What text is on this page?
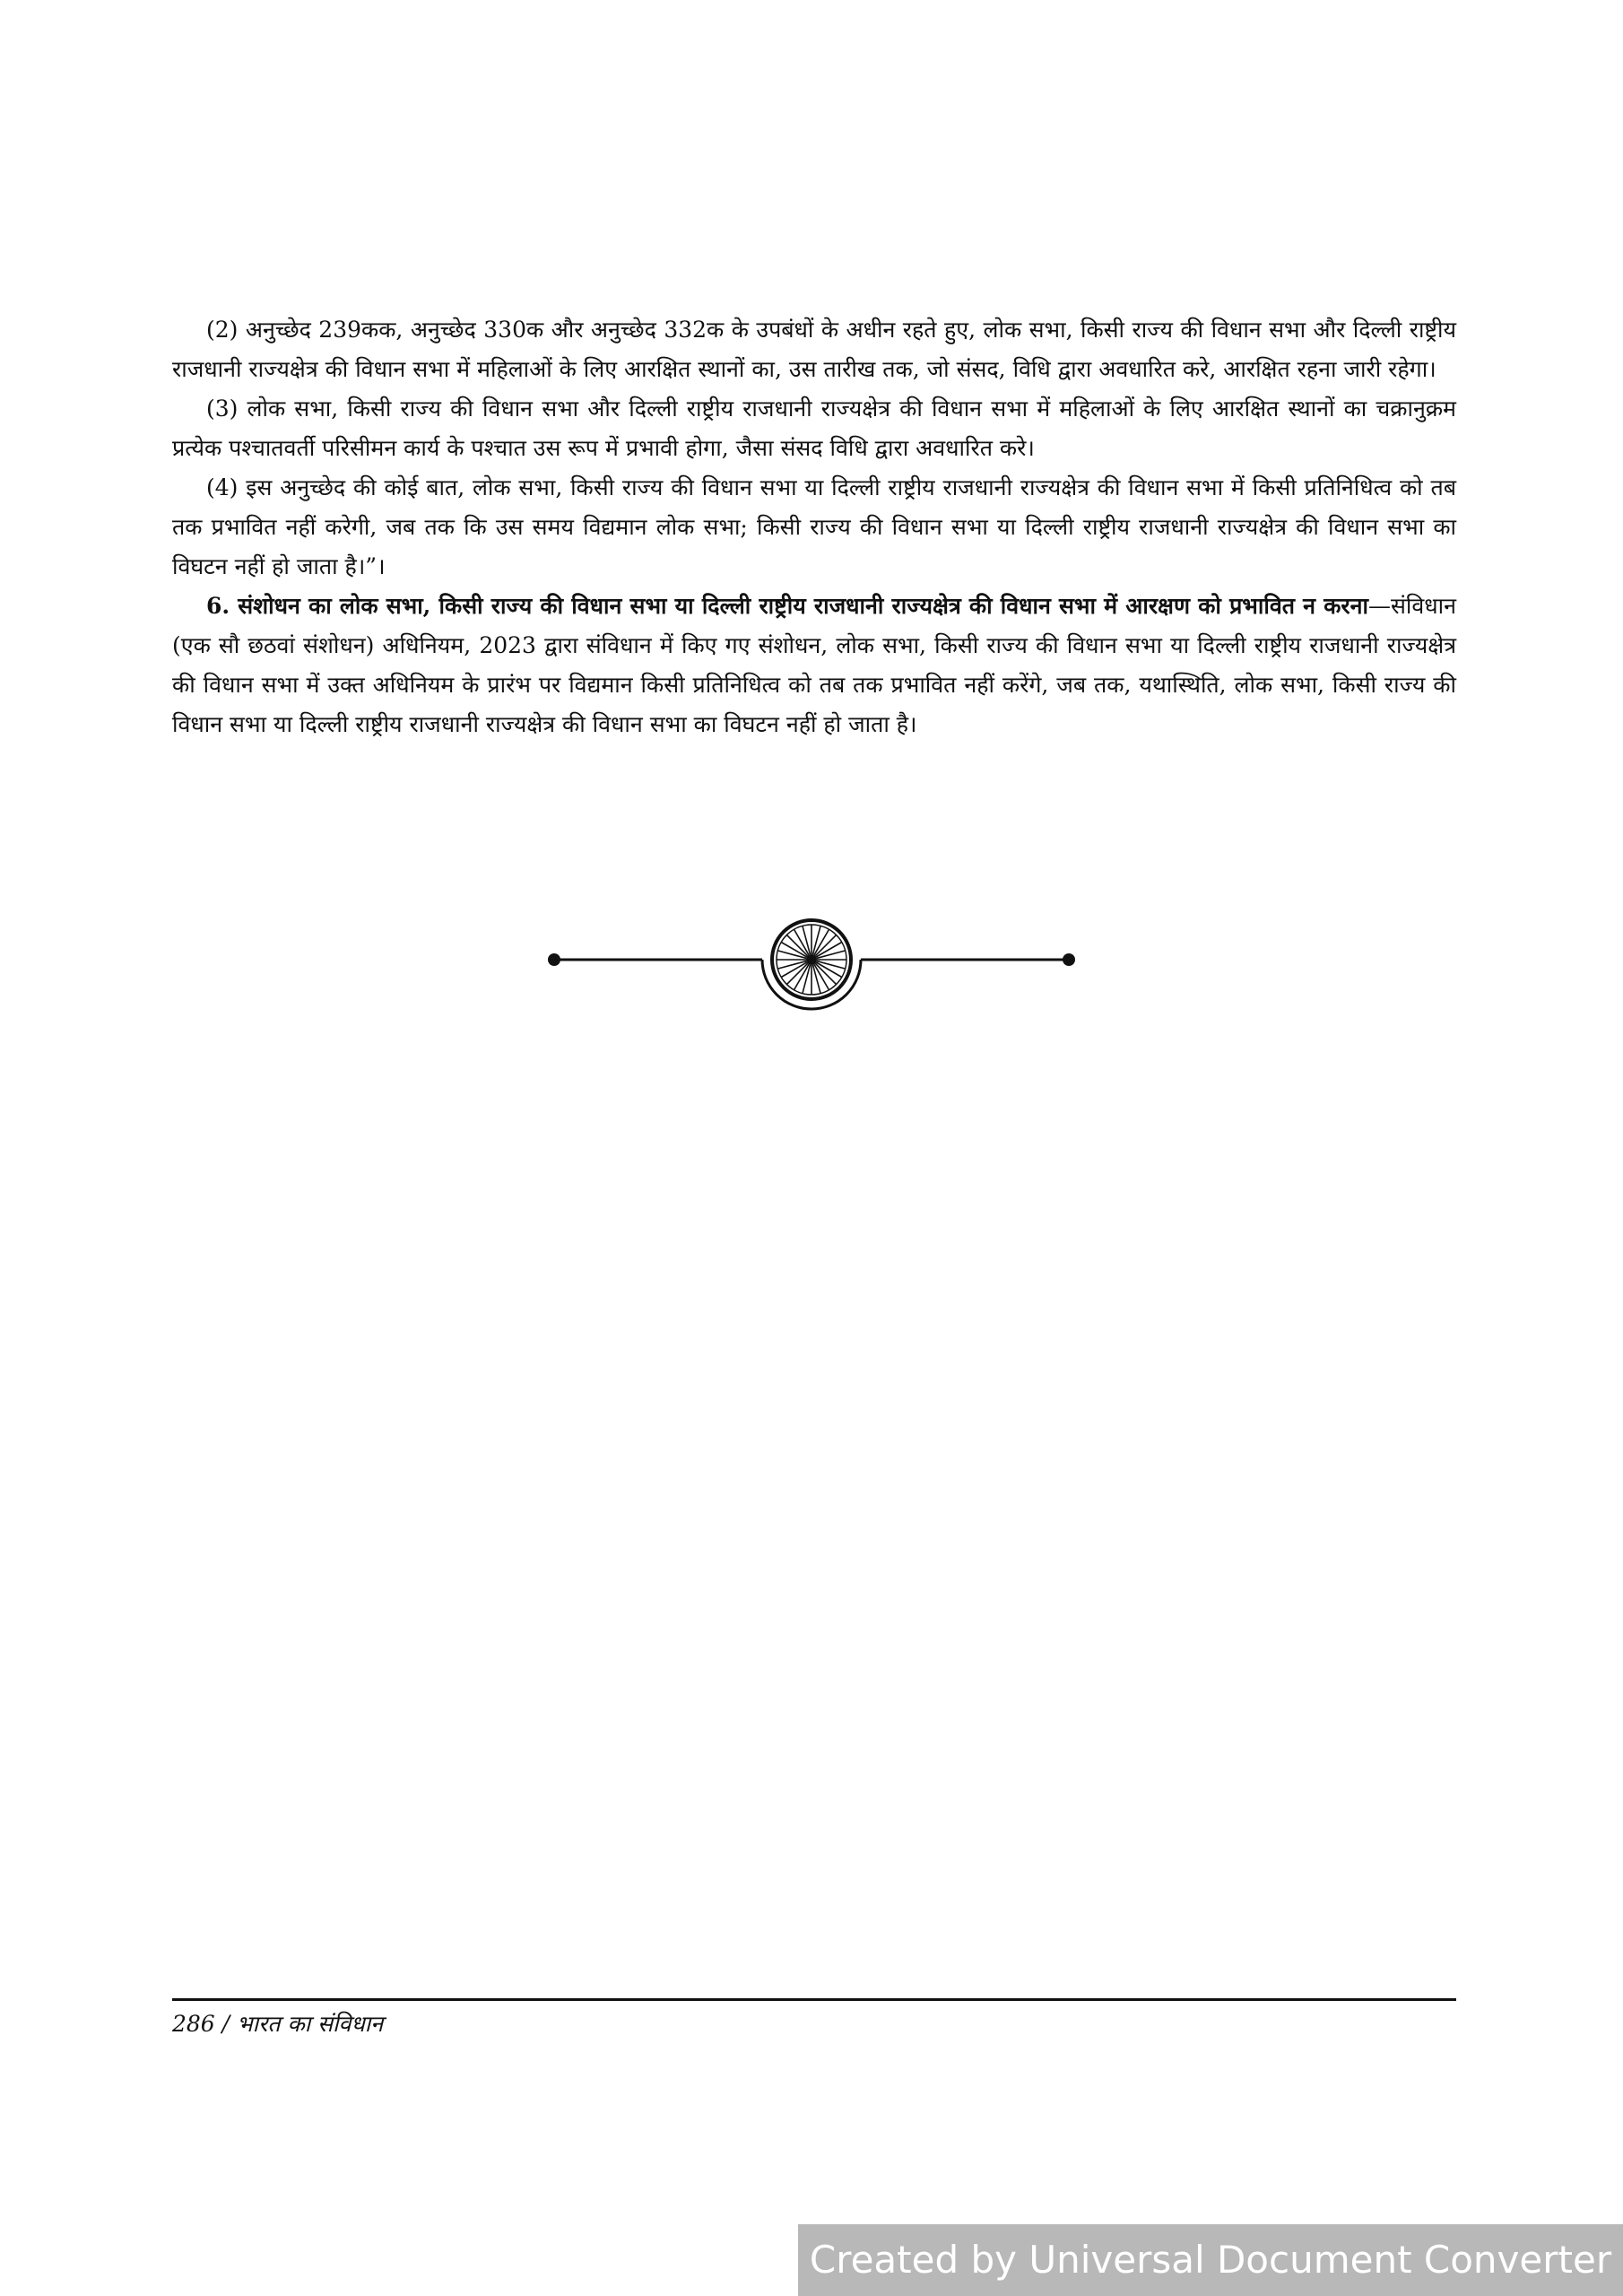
(2) अनुच्छेद 239कक, अनुच्छेद 330क और अनुच्छेद 332क के उपबंधों के अधीन रहते हुए, लोक सभा, किसी राज्य की विधान सभा और दिल्ली राष्ट्रीय राजधानी राज्यक्षेत्र की विधान सभा में महिलाओं के लिए आरक्षित स्थानों का, उस तारीख तक, जो संसद, विधि द्वारा अवधारित करे, आरक्षित रहना जारी रहेगा।

(3) लोक सभा, किसी राज्य की विधान सभा और दिल्ली राष्ट्रीय राजधानी राज्यक्षेत्र की विधान सभा में महिलाओं के लिए आरक्षित स्थानों का चक्रानुक्रम प्रत्येक पश्चातवर्ती परिसीमन कार्य के पश्चात उस रूप में प्रभावी होगा, जैसा संसद विधि द्वारा अवधारित करे।

(4) इस अनुच्छेद की कोई बात, लोक सभा, किसी राज्य की विधान सभा या दिल्ली राष्ट्रीय राजधानी राज्यक्षेत्र की विधान सभा में किसी प्रतिनिधित्व को तब तक प्रभावित नहीं करेगी, जब तक कि उस समय विद्यमान लोक सभा; किसी राज्य की विधान सभा या दिल्ली राष्ट्रीय राजधानी राज्यक्षेत्र की विधान सभा का विघटन नहीं हो जाता है।”।

6. संशोधन का लोक सभा, किसी राज्य की विधान सभा या दिल्ली राष्ट्रीय राजधानी राज्यक्षेत्र की विधान सभा में आरक्षण को प्रभावित न करना—संविधान (एक सौ छठवां संशोधन) अधिनियम, 2023 द्वारा संविधान में किए गए संशोधन, लोक सभा, किसी राज्य की विधान सभा या दिल्ली राष्ट्रीय राजधानी राज्यक्षेत्र की विधान सभा में उक्त अधिनियम के प्रारंभ पर विद्यमान किसी प्रतिनिधित्व को तब तक प्रभावित नहीं करेंगे, जब तक, यथास्थिति, लोक सभा, किसी राज्य की विधान सभा या दिल्ली राष्ट्रीय राजधानी राज्यक्षेत्र की विधान सभा का विघटन नहीं हो जाता है।

286 / भारत का संविधान
Created by Universal Document Converter
